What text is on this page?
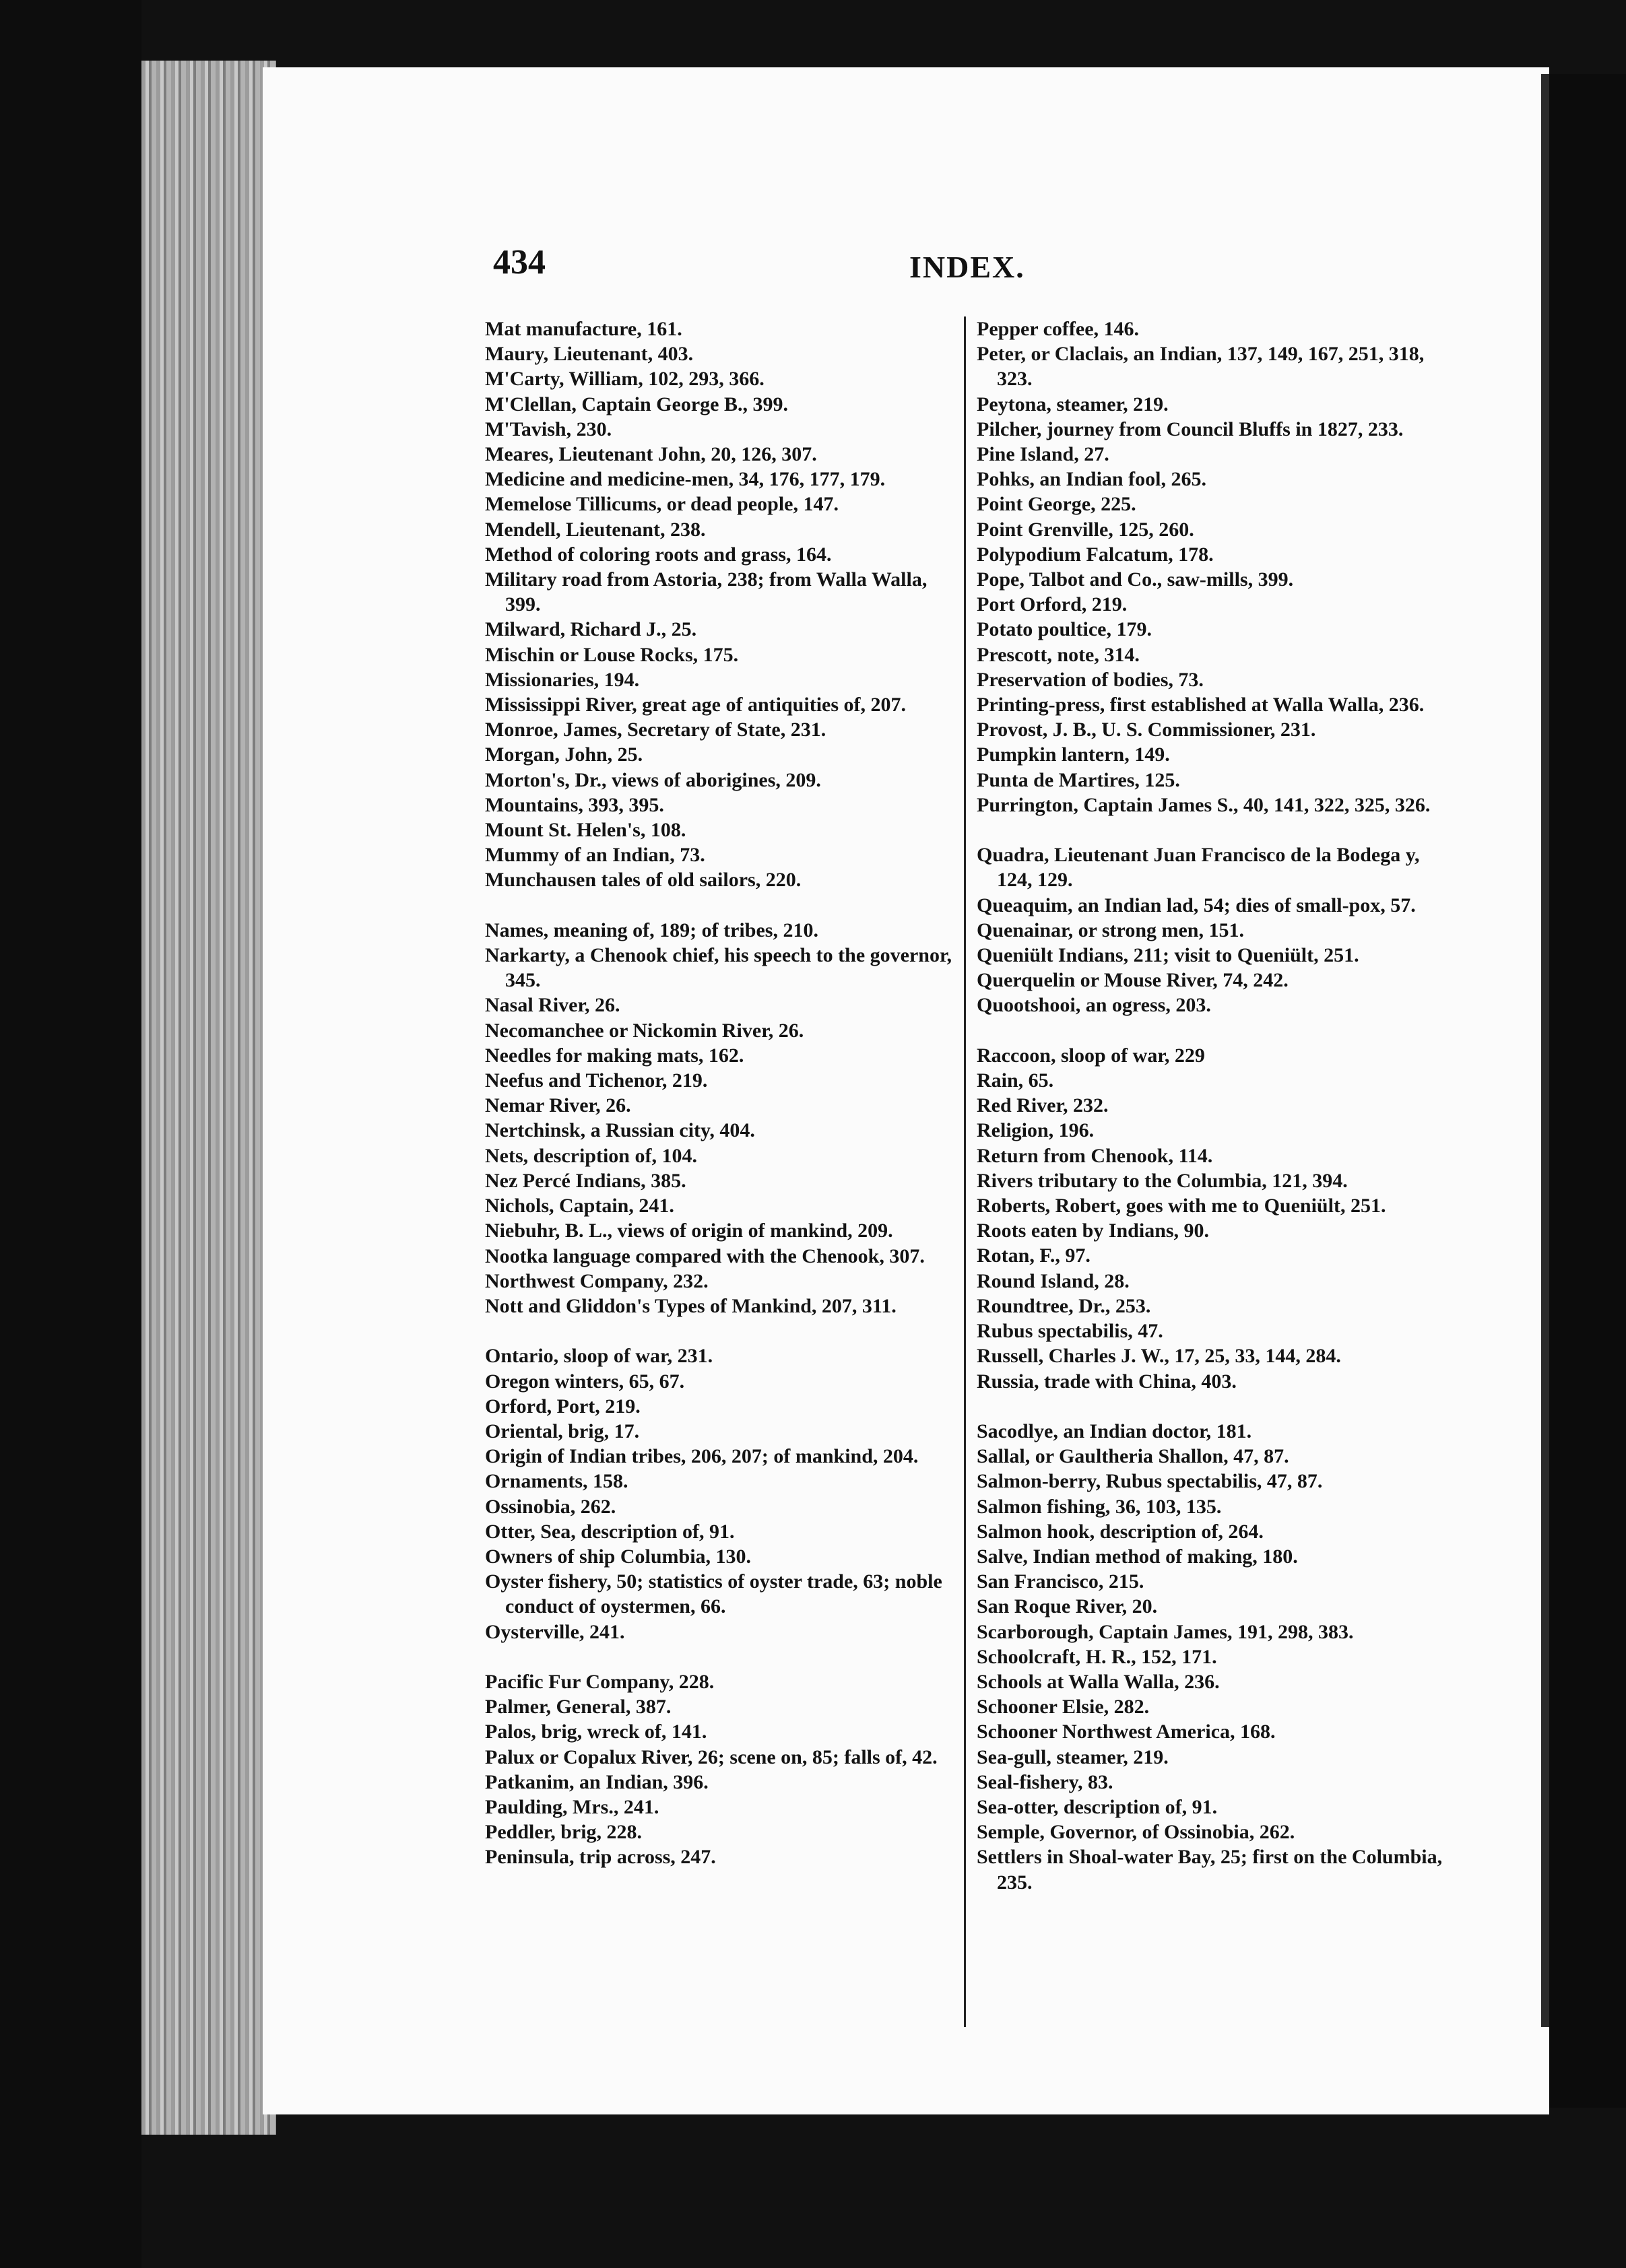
434	INDEX.
Mat manufacture, 161.
Maury, Lieutenant, 403.
M'Carty, William, 102, 293, 366.
M'Clellan, Captain George B., 399.
M'Tavish, 230.
Meares, Lieutenant John, 20, 126, 307.
Medicine and medicine-men, 34, 176, 177, 179.
Memelose Tillicums, or dead people, 147.
Mendell, Lieutenant, 238.
Method of coloring roots and grass, 164.
Military road from Astoria, 238; from Walla Walla, 399.
Milward, Richard J., 25.
Mischin or Louse Rocks, 175.
Missionaries, 194.
Mississippi River, great age of antiquities of, 207.
Monroe, James, Secretary of State, 231.
Morgan, John, 25.
Morton's, Dr., views of aborigines, 209.
Mountains, 393, 395.
Mount St. Helen's, 108.
Mummy of an Indian, 73.
Munchausen tales of old sailors, 220.
Names, meaning of, 189; of tribes, 210.
Narkarty, a Chenook chief, his speech to the governor, 345.
Nasal River, 26.
Necomanchee or Nickomin River, 26.
Needles for making mats, 162.
Neefus and Tichenor, 219.
Nemar River, 26.
Nertchinsk, a Russian city, 404.
Nets, description of, 104.
Nez Percé Indians, 385.
Nichols, Captain, 241.
Niebuhr, B. L., views of origin of mankind, 209.
Nootka language compared with the Chenook, 307.
Northwest Company, 232.
Nott and Gliddon's Types of Mankind, 207, 311.
Ontario, sloop of war, 231.
Oregon winters, 65, 67.
Orford, Port, 219.
Oriental, brig, 17.
Origin of Indian tribes, 206, 207; of mankind, 204.
Ornaments, 158.
Ossinobia, 262.
Otter, Sea, description of, 91.
Owners of ship Columbia, 130.
Oyster fishery, 50; statistics of oyster trade, 63; noble conduct of oystermen, 66.
Oysterville, 241.
Pacific Fur Company, 228.
Palmer, General, 387.
Palos, brig, wreck of, 141.
Palux or Copalux River, 26; scene on, 85; falls of, 42.
Patkanim, an Indian, 396.
Paulding, Mrs., 241.
Peddler, brig, 228.
Peninsula, trip across, 247.
Pepper coffee, 146.
Peter, or Claclais, an Indian, 137, 149, 167, 251, 318, 323.
Peytona, steamer, 219.
Pilcher, journey from Council Bluffs in 1827, 233.
Pine Island, 27.
Pohks, an Indian fool, 265.
Point George, 225.
Point Grenville, 125, 260.
Polypodium Falcatum, 178.
Pope, Talbot and Co., saw-mills, 399.
Port Orford, 219.
Potato poultice, 179.
Prescott, note, 314.
Preservation of bodies, 73.
Printing-press, first established at Walla Walla, 236.
Provost, J. B., U. S. Commissioner, 231.
Pumpkin lantern, 149.
Punta de Martires, 125.
Purrington, Captain James S., 40, 141, 322, 325, 326.
Quadra, Lieutenant Juan Francisco de la Bodega y, 124, 129.
Queaquim, an Indian lad, 54; dies of small-pox, 57.
Quenainar, or strong men, 151.
Queniült Indians, 211; visit to Queniült, 251.
Querquelin or Mouse River, 74, 242.
Quootshooi, an ogress, 203.
Raccoon, sloop of war, 229
Rain, 65.
Red River, 232.
Religion, 196.
Return from Chenook, 114.
Rivers tributary to the Columbia, 121, 394.
Roberts, Robert, goes with me to Queniült, 251.
Roots eaten by Indians, 90.
Rotan, F., 97.
Round Island, 28.
Roundtree, Dr., 253.
Rubus spectabilis, 47.
Russell, Charles J. W., 17, 25, 33, 144, 284.
Russia, trade with China, 403.
Sacodlye, an Indian doctor, 181.
Sallal, or Gaultheria Shallon, 47, 87.
Salmon-berry, Rubus spectabilis, 47, 87.
Salmon fishing, 36, 103, 135.
Salmon hook, description of, 264.
Salve, Indian method of making, 180.
San Francisco, 215.
San Roque River, 20.
Scarborough, Captain James, 191, 298, 383.
Schoolcraft, H. R., 152, 171.
Schools at Walla Walla, 236.
Schooner Elsie, 282.
Schooner Northwest America, 168.
Sea-gull, steamer, 219.
Seal-fishery, 83.
Sea-otter, description of, 91.
Semple, Governor, of Ossinobia, 262.
Settlers in Shoal-water Bay, 25; first on the Columbia, 235.
